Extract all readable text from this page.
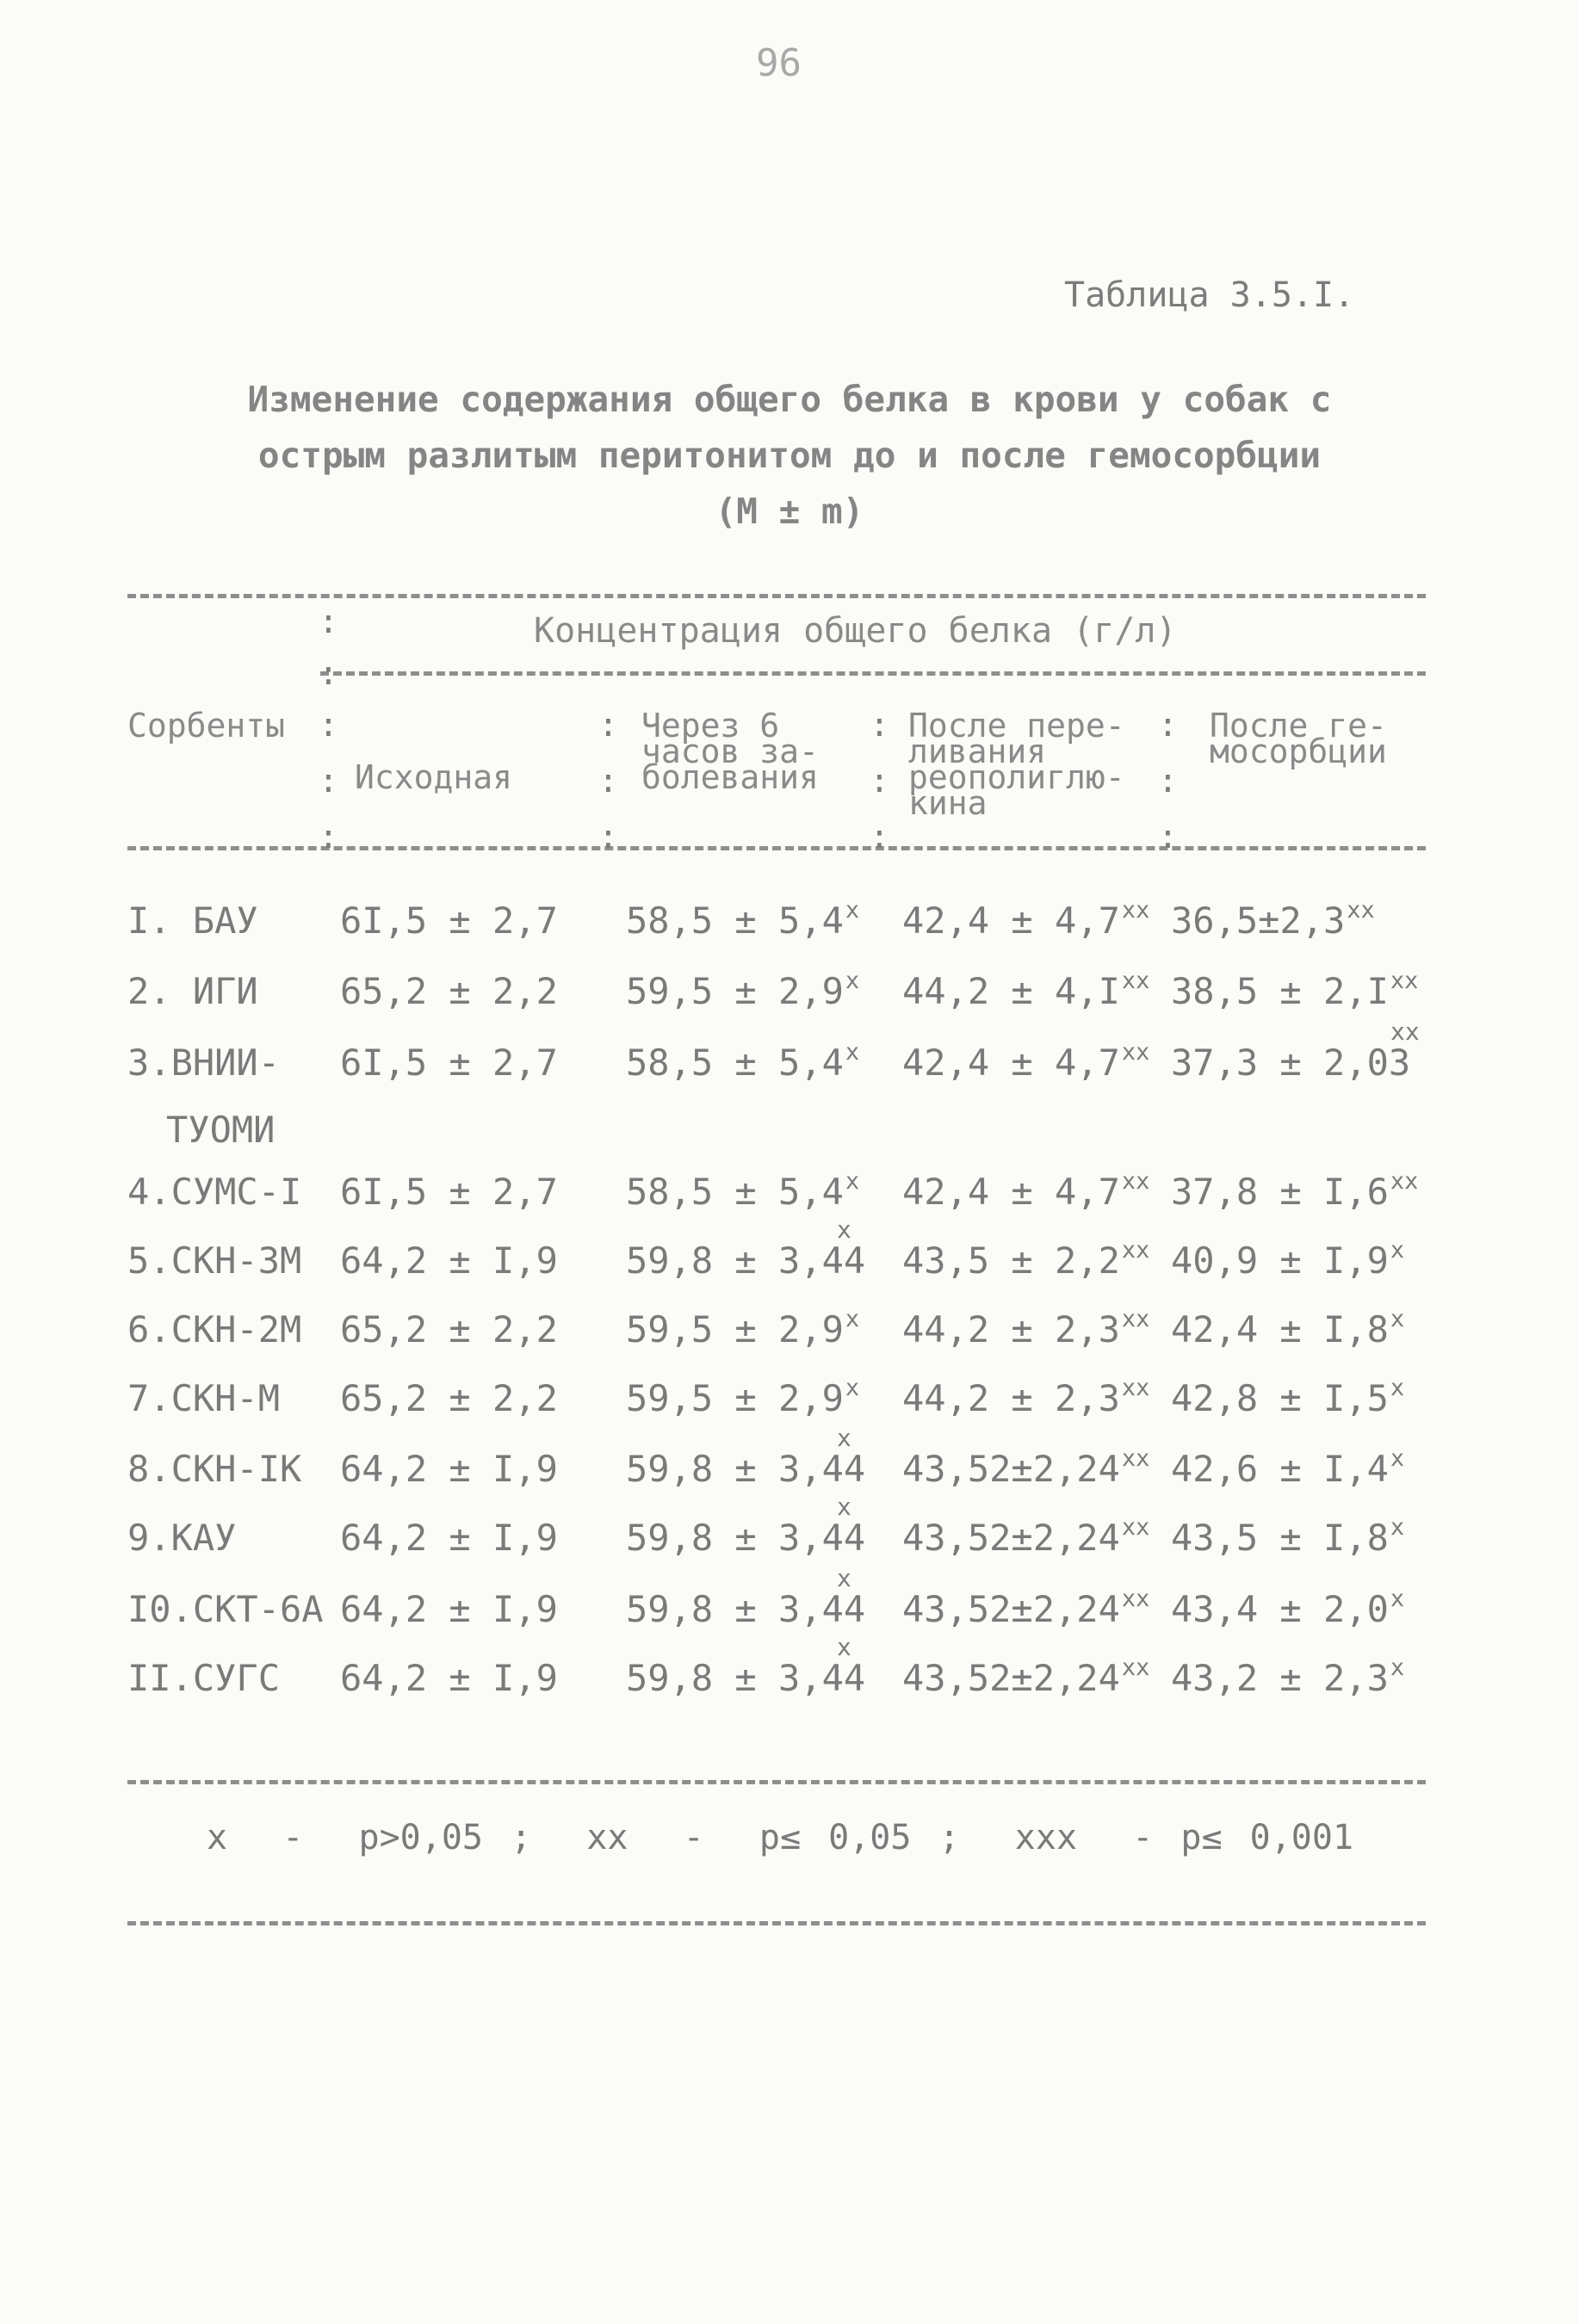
96
Таблица 3.5.I.
Изменение содержания общего белка в крови у собак с
острым разлитым перитонитом до и после гемосорбции
(М ± m)
:
:
:
:
:
:
:
:
:
:
:
:
:
:
Концентрация общего белка (г/л)
Сорбенты
Исходная
Через 6
часов за-
болевания
После пере-
ливания
реополиглю-
кина
После ге-
мосорбции
I. БАУ 6I,5 ± 2,7 $58,5 \pm 5,4^x$ $42,4 \pm 4,7^{xx}$ $36,5\pm 2,3^{xx}$
2. ИГИ 65,2 ± 2,2 $59,5 \pm 2,9^x$ $44,2 \pm 4,I^{xx}$ $38,5 \pm 2,I^{xx}$
3.ВНИИ-
ТУОМИ
6I,5 ± 2,7 $58,5 \pm 5,4^x$ $42,4 \pm 4,7^{xx}$ 37,3 ± 2,03
xx
4.СУМС-I 6I,5 ± 2,7 $58,5 \pm 5,4^x$ $42,4 \pm 4,7^{xx}$ $37,8 \pm I,6^{xx}$
5.СКН-3М 64,2 ± I,9 59,8 ± 3,44
x
$43,5 \pm 2,2^{xx}$ $40,9 \pm I,9^x$
6.СКН-2М 65,2 ± 2,2 $59,5 \pm 2,9^x$ $44,2 \pm 2,3^{xx}$ $42,4 \pm I,8^x$
7.СКН-М 65,2 ± 2,2 $59,5 \pm 2,9^x$ $44,2 \pm 2,3^{xx}$ $42,8 \pm I,5^x$
8.СКН-IК 64,2 ± I,9 59,8 ± 3,44
x
$43,52\pm 2,24^{xx}$ $42,6 \pm I,4^x$
9.КАУ	64,2 ± I,9 59,8 ± 3,44
x
$43,52\pm 2,24^{xx}$ $43,5 \pm I,8^x$
I0.СКТ-6А 64,2 ± I,9 59,8 ± 3,44
x
$43,52\pm 2,24^{xx}$ $43,4 \pm 2,0^x$
II.СУГС 64,2 ± I,9 59,8 ± 3,44
x
$43,52\pm 2,24^{xx}$ $43,2 \pm 2,3^x$
x  -  p>0,05 ;  xx  -  p≤ 0,05 ;  xxx  - p≤ 0,001
